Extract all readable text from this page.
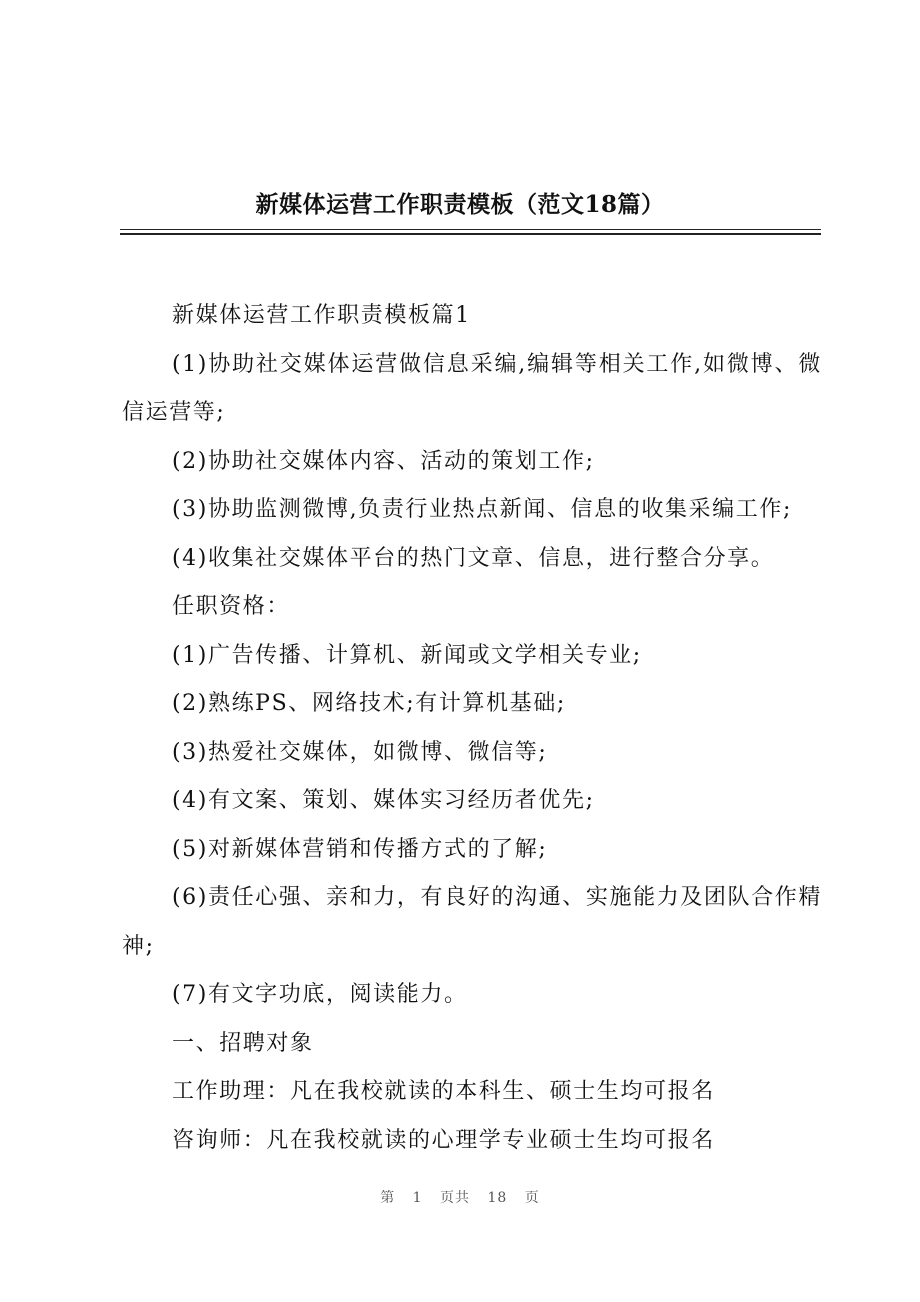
新媒体运营工作职责模板（范文18篇）

新媒体运营工作职责模板篇1

(1)协助社交媒体运营做信息采编,编辑等相关工作,如微博、微信运营等;

(2)协助社交媒体内容、活动的策划工作;

(3)协助监测微博,负责行业热点新闻、信息的收集采编工作;

(4)收集社交媒体平台的热门文章、信息，进行整合分享。

任职资格：

(1)广告传播、计算机、新闻或文学相关专业;

(2)熟练PS、网络技术;有计算机基础;

(3)热爱社交媒体，如微博、微信等;

(4)有文案、策划、媒体实习经历者优先;

(5)对新媒体营销和传播方式的了解;

(6)责任心强、亲和力，有良好的沟通、实施能力及团队合作精神;

(7)有文字功底，阅读能力。

一、招聘对象

工作助理：凡在我校就读的本科生、硕士生均可报名

咨询师：凡在我校就读的心理学专业硕士生均可报名

第 1 页共 18 页
